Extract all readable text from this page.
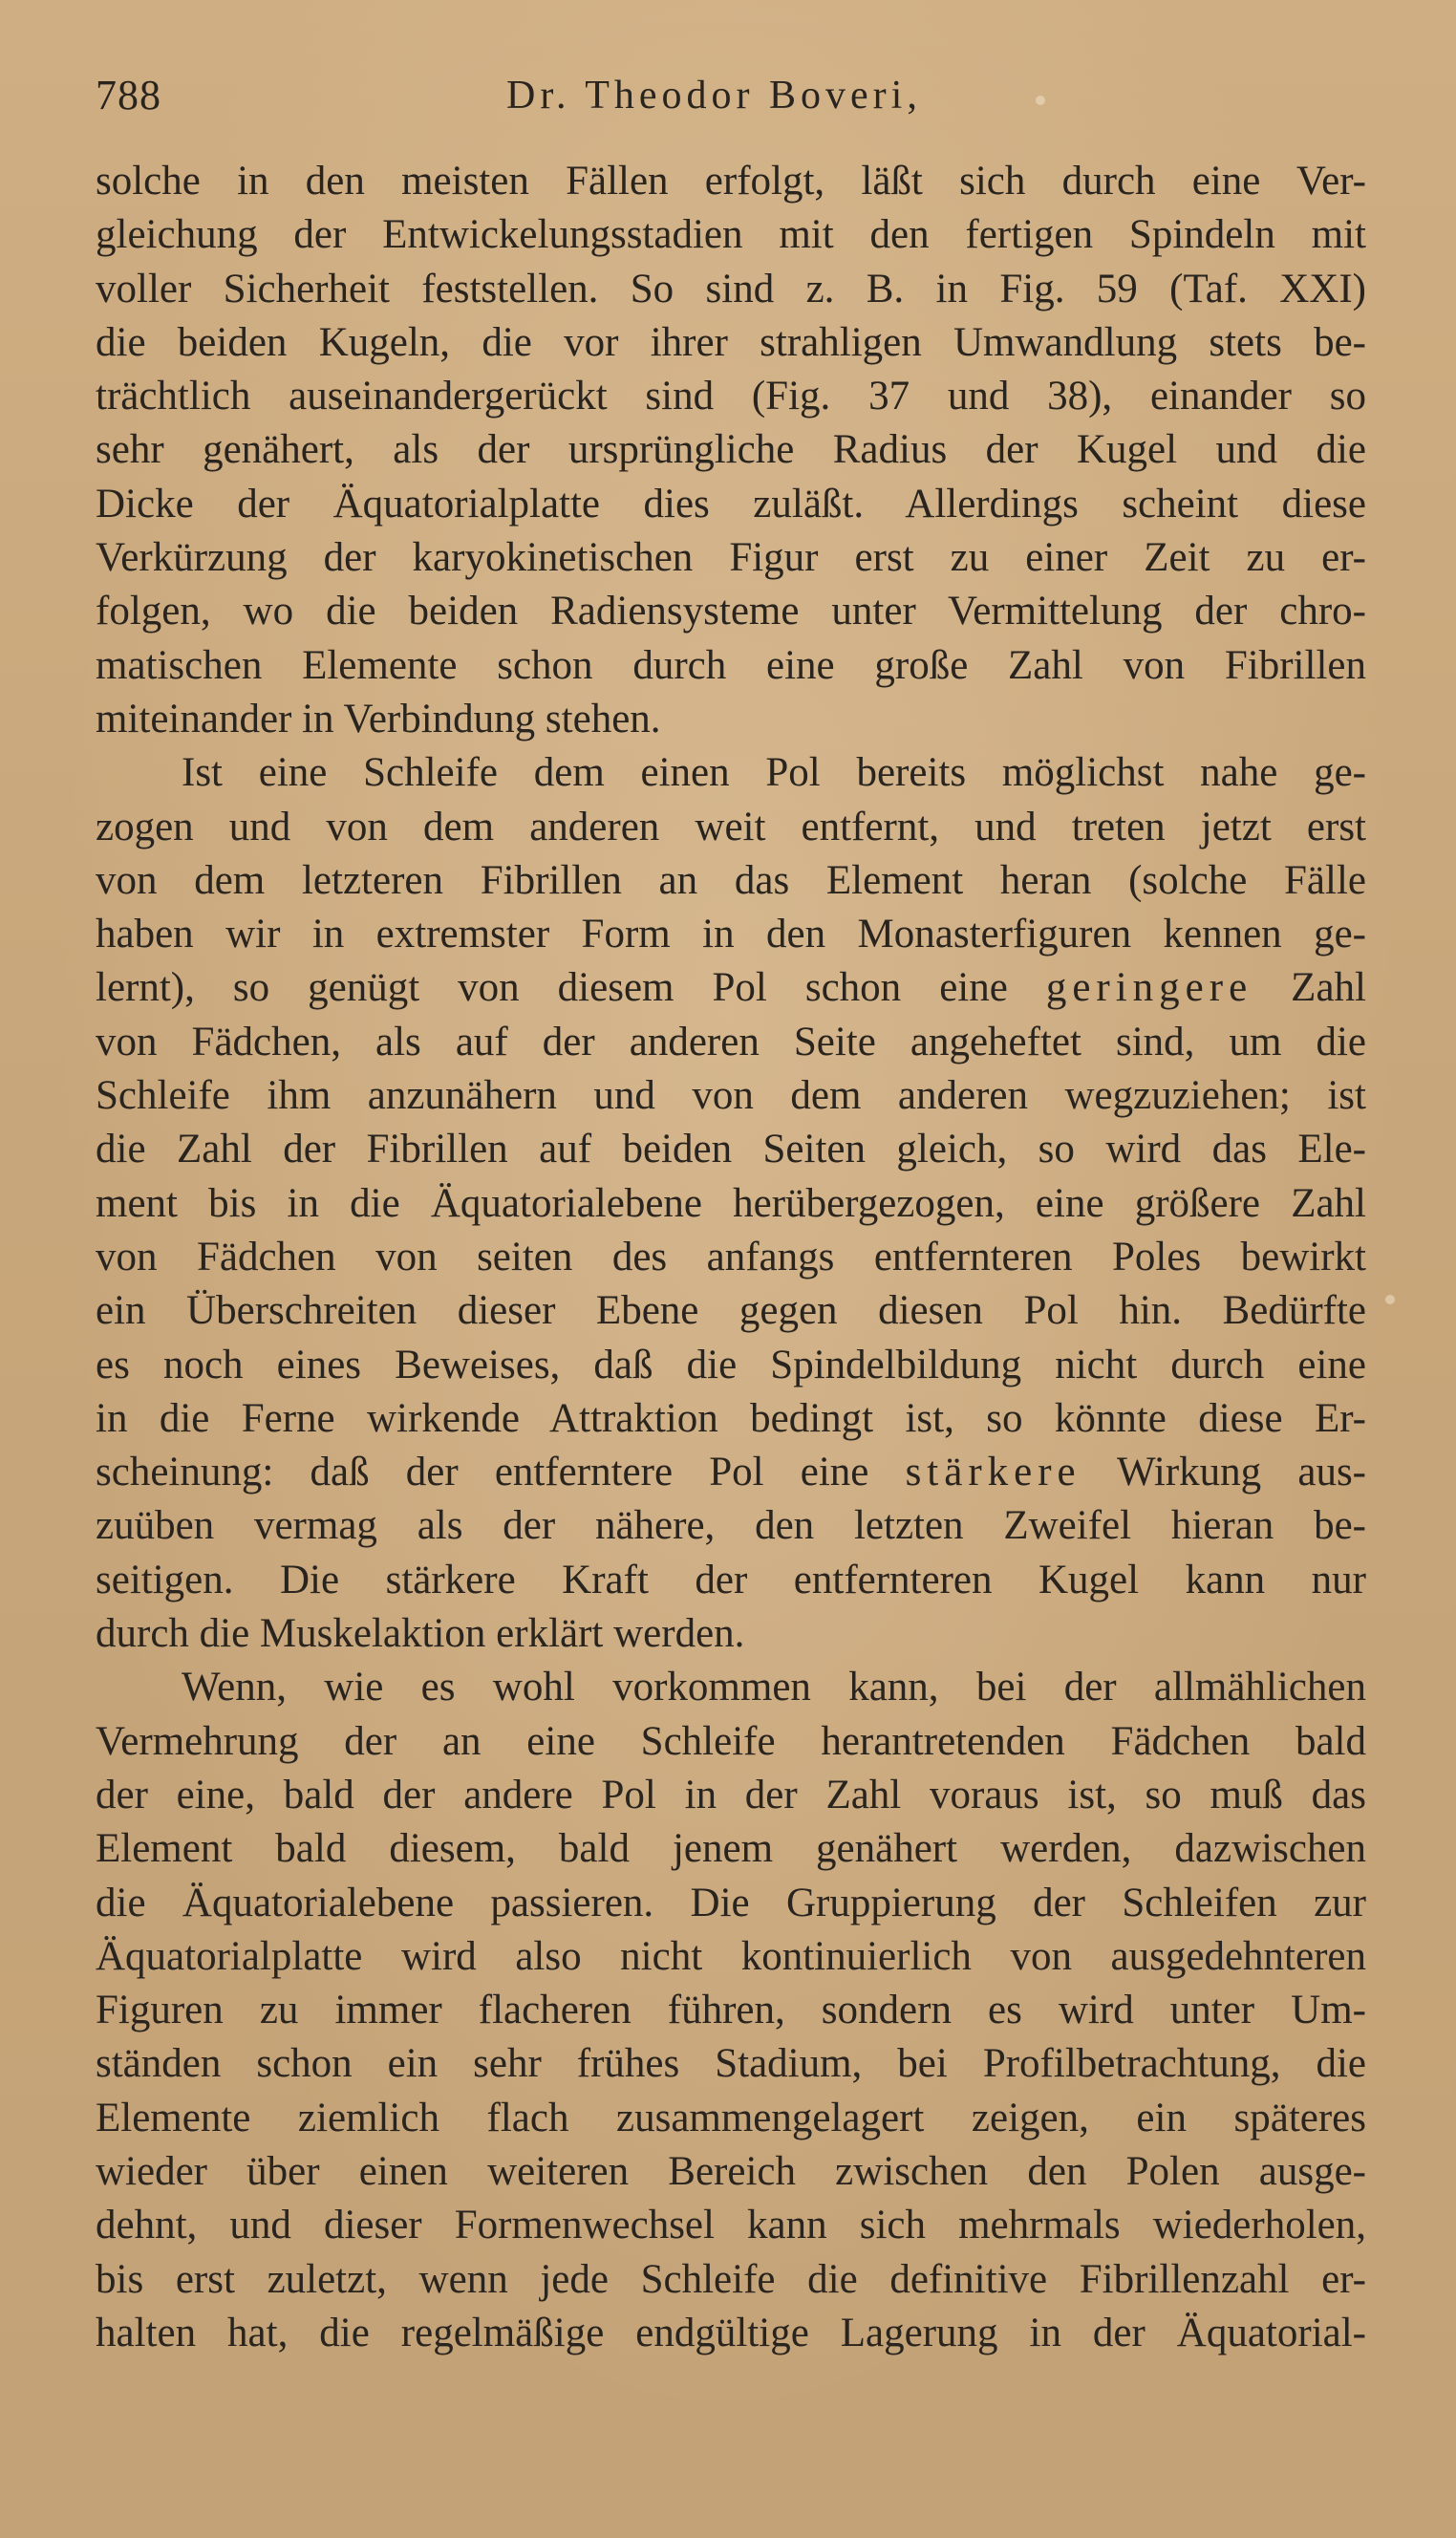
788	Dr. Theodor Boveri,
solche in den meisten Fällen erfolgt, läßt sich durch eine Ver-
gleichung der Entwickelungsstadien mit den fertigen Spindeln mit
voller Sicherheit feststellen. So sind z. B. in Fig. 59 (Taf. XXI)
die beiden Kugeln, die vor ihrer strahligen Umwandlung stets be-
trächtlich auseinandergerückt sind (Fig. 37 und 38), einander so
sehr genähert, als der ursprüngliche Radius der Kugel und die
Dicke der Äquatorialplatte dies zuläßt. Allerdings scheint diese
Verkürzung der karyokinetischen Figur erst zu einer Zeit zu er-
folgen, wo die beiden Radiensysteme unter Vermittelung der chro-
matischen Elemente schon durch eine große Zahl von Fibrillen
miteinander in Verbindung stehen.
Ist eine Schleife dem einen Pol bereits möglichst nahe ge-
zogen und von dem anderen weit entfernt, und treten jetzt erst
von dem letzteren Fibrillen an das Element heran (solche Fälle
haben wir in extremster Form in den Monasterfiguren kennen ge-
lernt), so genügt von diesem Pol schon eine geringere Zahl
von Fädchen, als auf der anderen Seite angeheftet sind, um die
Schleife ihm anzunähern und von dem anderen wegzuziehen; ist
die Zahl der Fibrillen auf beiden Seiten gleich, so wird das Ele-
ment bis in die Äquatorialebene herübergezogen, eine größere Zahl
von Fädchen von seiten des anfangs entfernteren Poles bewirkt
ein Überschreiten dieser Ebene gegen diesen Pol hin. Bedürfte
es noch eines Beweises, daß die Spindelbildung nicht durch eine
in die Ferne wirkende Attraktion bedingt ist, so könnte diese Er-
scheinung: daß der entferntere Pol eine stärkere Wirkung aus-
zuüben vermag als der nähere, den letzten Zweifel hieran be-
seitigen. Die stärkere Kraft der entfernteren Kugel kann nur
durch die Muskelaktion erklärt werden.
Wenn, wie es wohl vorkommen kann, bei der allmählichen
Vermehrung der an eine Schleife herantretenden Fädchen bald
der eine, bald der andere Pol in der Zahl voraus ist, so muß das
Element bald diesem, bald jenem genähert werden, dazwischen
die Äquatorialebene passieren. Die Gruppierung der Schleifen zur
Äquatorialplatte wird also nicht kontinuierlich von ausgedehnteren
Figuren zu immer flacheren führen, sondern es wird unter Um-
ständen schon ein sehr frühes Stadium, bei Profilbetrachtung, die
Elemente ziemlich flach zusammengelagert zeigen, ein späteres
wieder über einen weiteren Bereich zwischen den Polen ausge-
dehnt, und dieser Formenwechsel kann sich mehrmals wiederholen,
bis erst zuletzt, wenn jede Schleife die definitive Fibrillenzahl er-
halten hat, die regelmäßige endgültige Lagerung in der Äquatorial-
